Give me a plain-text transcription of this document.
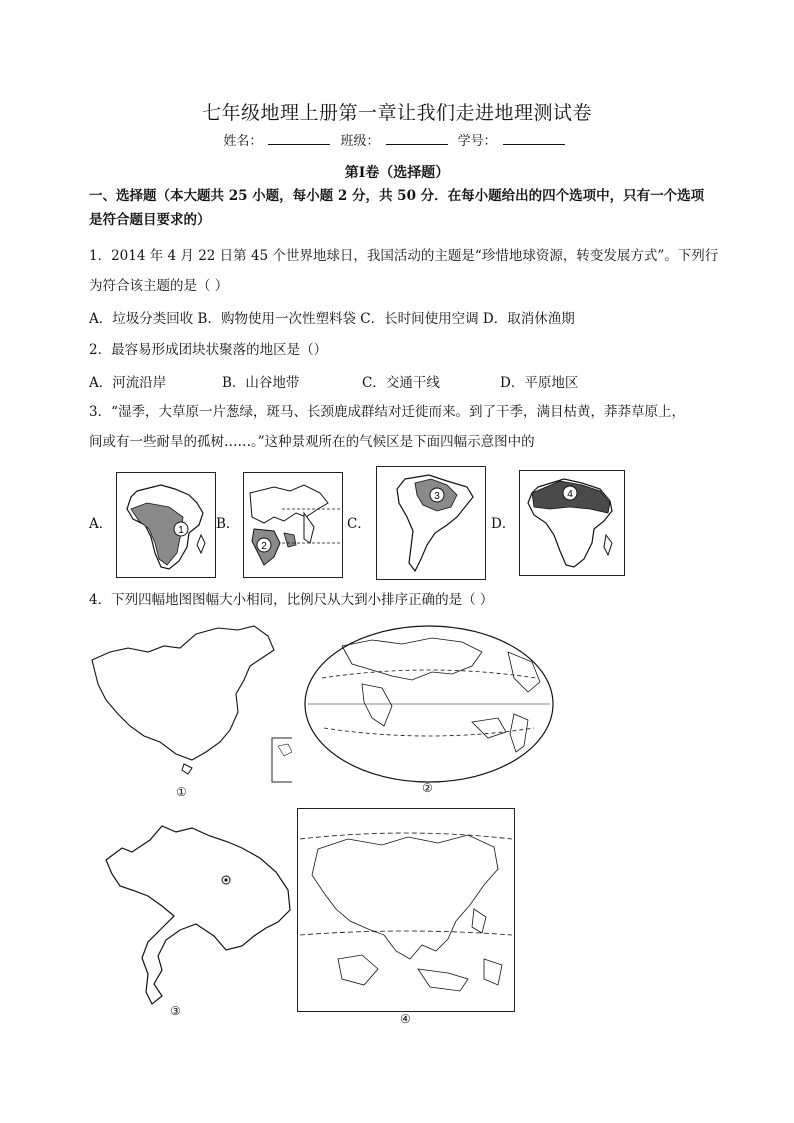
七年级地理上册第一章让我们走进地理测试卷
姓名：	班级：	学号：
第Ⅰ卷（选择题）
一、选择题（本大题共 25 小题，每小题 2 分，共 50 分．在每小题给出的四个选项中，只有一个选项
是符合题目要求的）
1．2014 年 4 月 22 日第 45 个世界地球日，我国活动的主题是“珍惜地球资源，转变发展方式”。下列行
为符合该主题的是（ ）
A．垃圾分类回收 B．购物使用一次性塑料袋 C．长时间使用空调 D．取消休渔期
2．最容易形成团块状聚落的地区是（）
A．河流沿岸	B．山谷地带	C．交通干线	D．平原地区
3．“湿季，大草原一片葱绿，斑马、长颈鹿成群结对迁徙而来。到了干季，满目枯黄，莽莽草原上，
间或有一些耐旱的孤树……。”这种景观所在的气候区是下面四幅示意图中的
A．	1 B．
2
C．
3
D．
4
4．下列四幅地图图幅大小相同，比例尺从大到小排序正确的是（ ）
①	②
③
④
